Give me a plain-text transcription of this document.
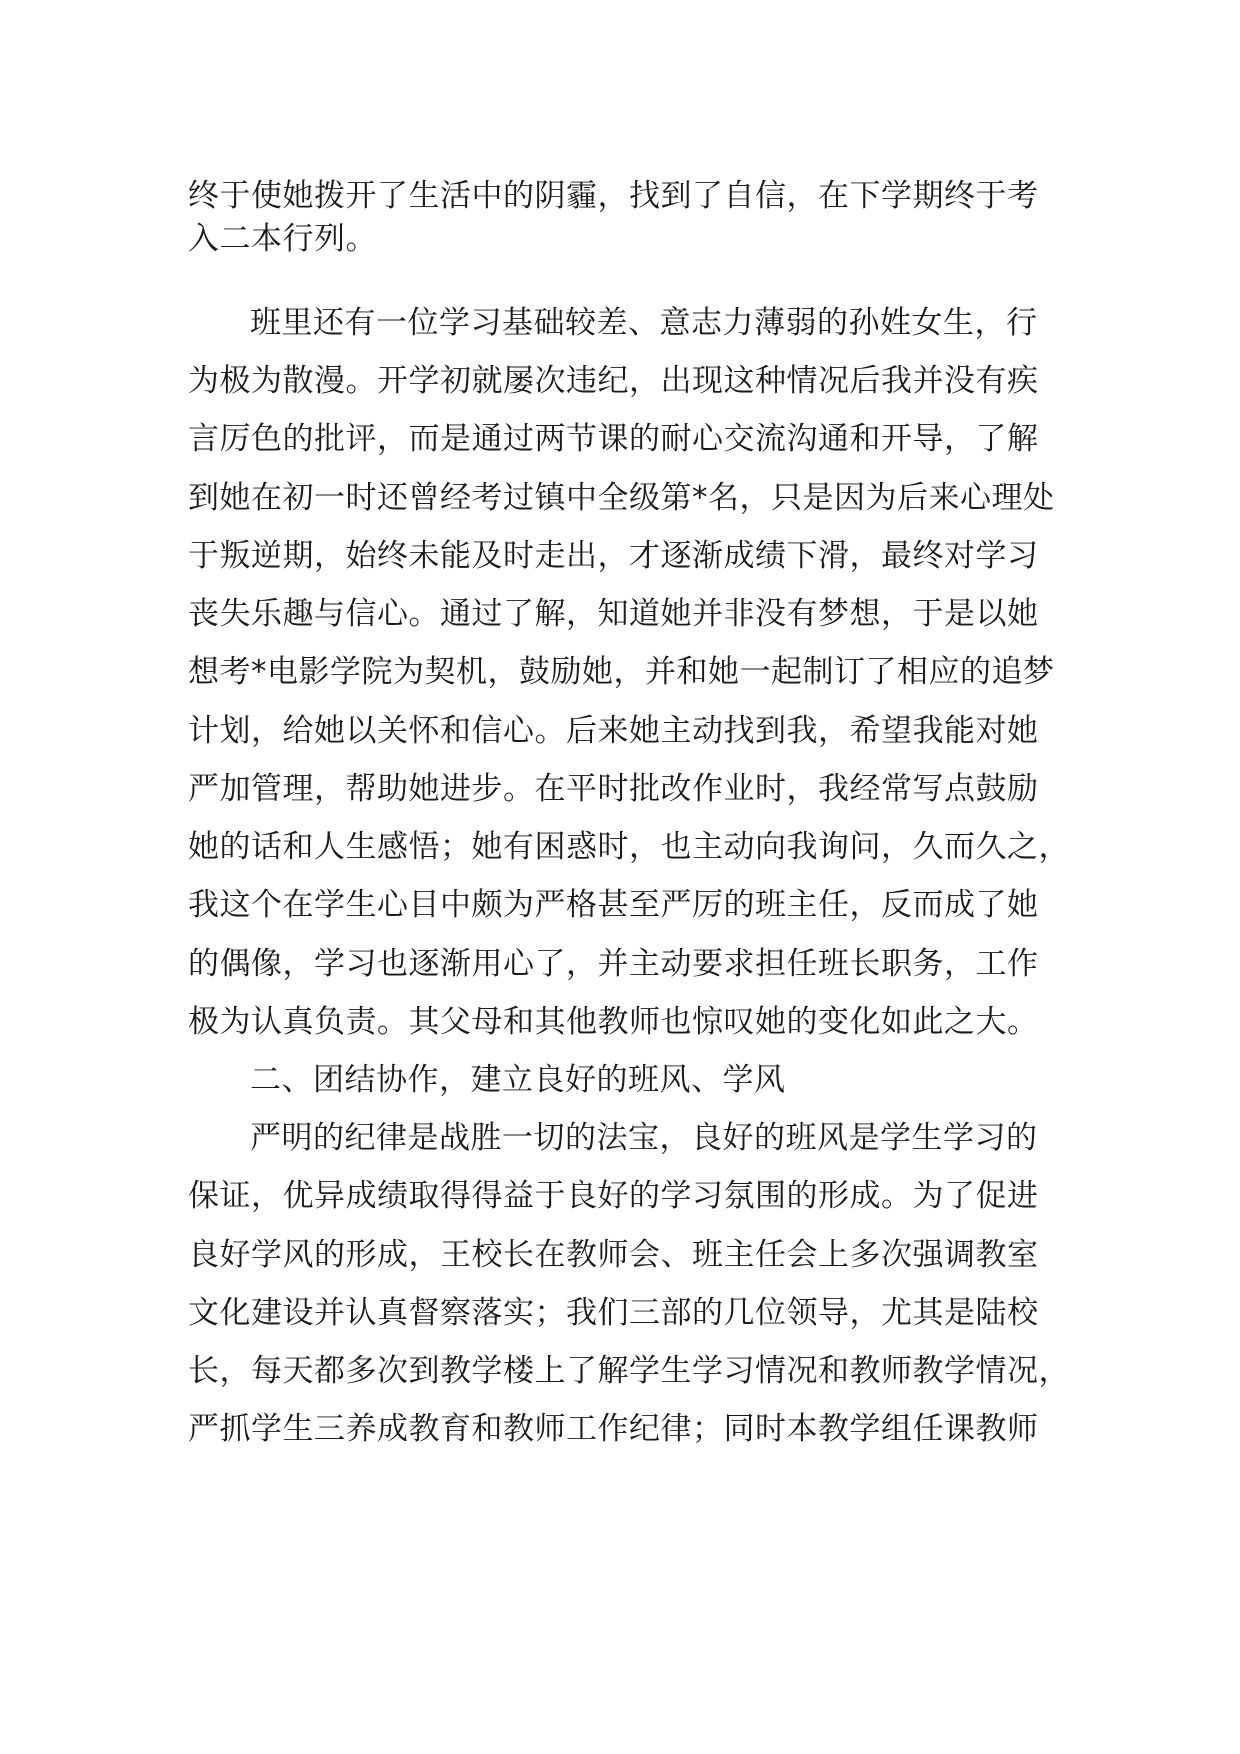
终于使她拨开了生活中的阴霾，找到了自信，在下学期终于考

入二本行列。

班里还有一位学习基础较差、意志力薄弱的孙姓女生，行

为极为散漫。开学初就屡次违纪，出现这种情况后我并没有疾

言厉色的批评，而是通过两节课的耐心交流沟通和开导，了解

到她在初一时还曾经考过镇中全级第*名，只是因为后来心理处

于叛逆期，始终未能及时走出，才逐渐成绩下滑，最终对学习

丧失乐趣与信心。通过了解，知道她并非没有梦想，于是以她

想考*电影学院为契机，鼓励她，并和她一起制订了相应的追梦

计划，给她以关怀和信心。后来她主动找到我，希望我能对她

严加管理，帮助她进步。在平时批改作业时，我经常写点鼓励

她的话和人生感悟；她有困惑时，也主动向我询问，久而久之，

我这个在学生心目中颇为严格甚至严厉的班主任，反而成了她

的偶像，学习也逐渐用心了，并主动要求担任班长职务，工作

极为认真负责。其父母和其他教师也惊叹她的变化如此之大。

二、团结协作，建立良好的班风、学风

严明的纪律是战胜一切的法宝，良好的班风是学生学习的

保证，优异成绩取得得益于良好的学习氛围的形成。为了促进

良好学风的形成，王校长在教师会、班主任会上多次强调教室

文化建设并认真督察落实；我们三部的几位领导，尤其是陆校

长，每天都多次到教学楼上了解学生学习情况和教师教学情况，

严抓学生三养成教育和教师工作纪律；同时本教学组任课教师
